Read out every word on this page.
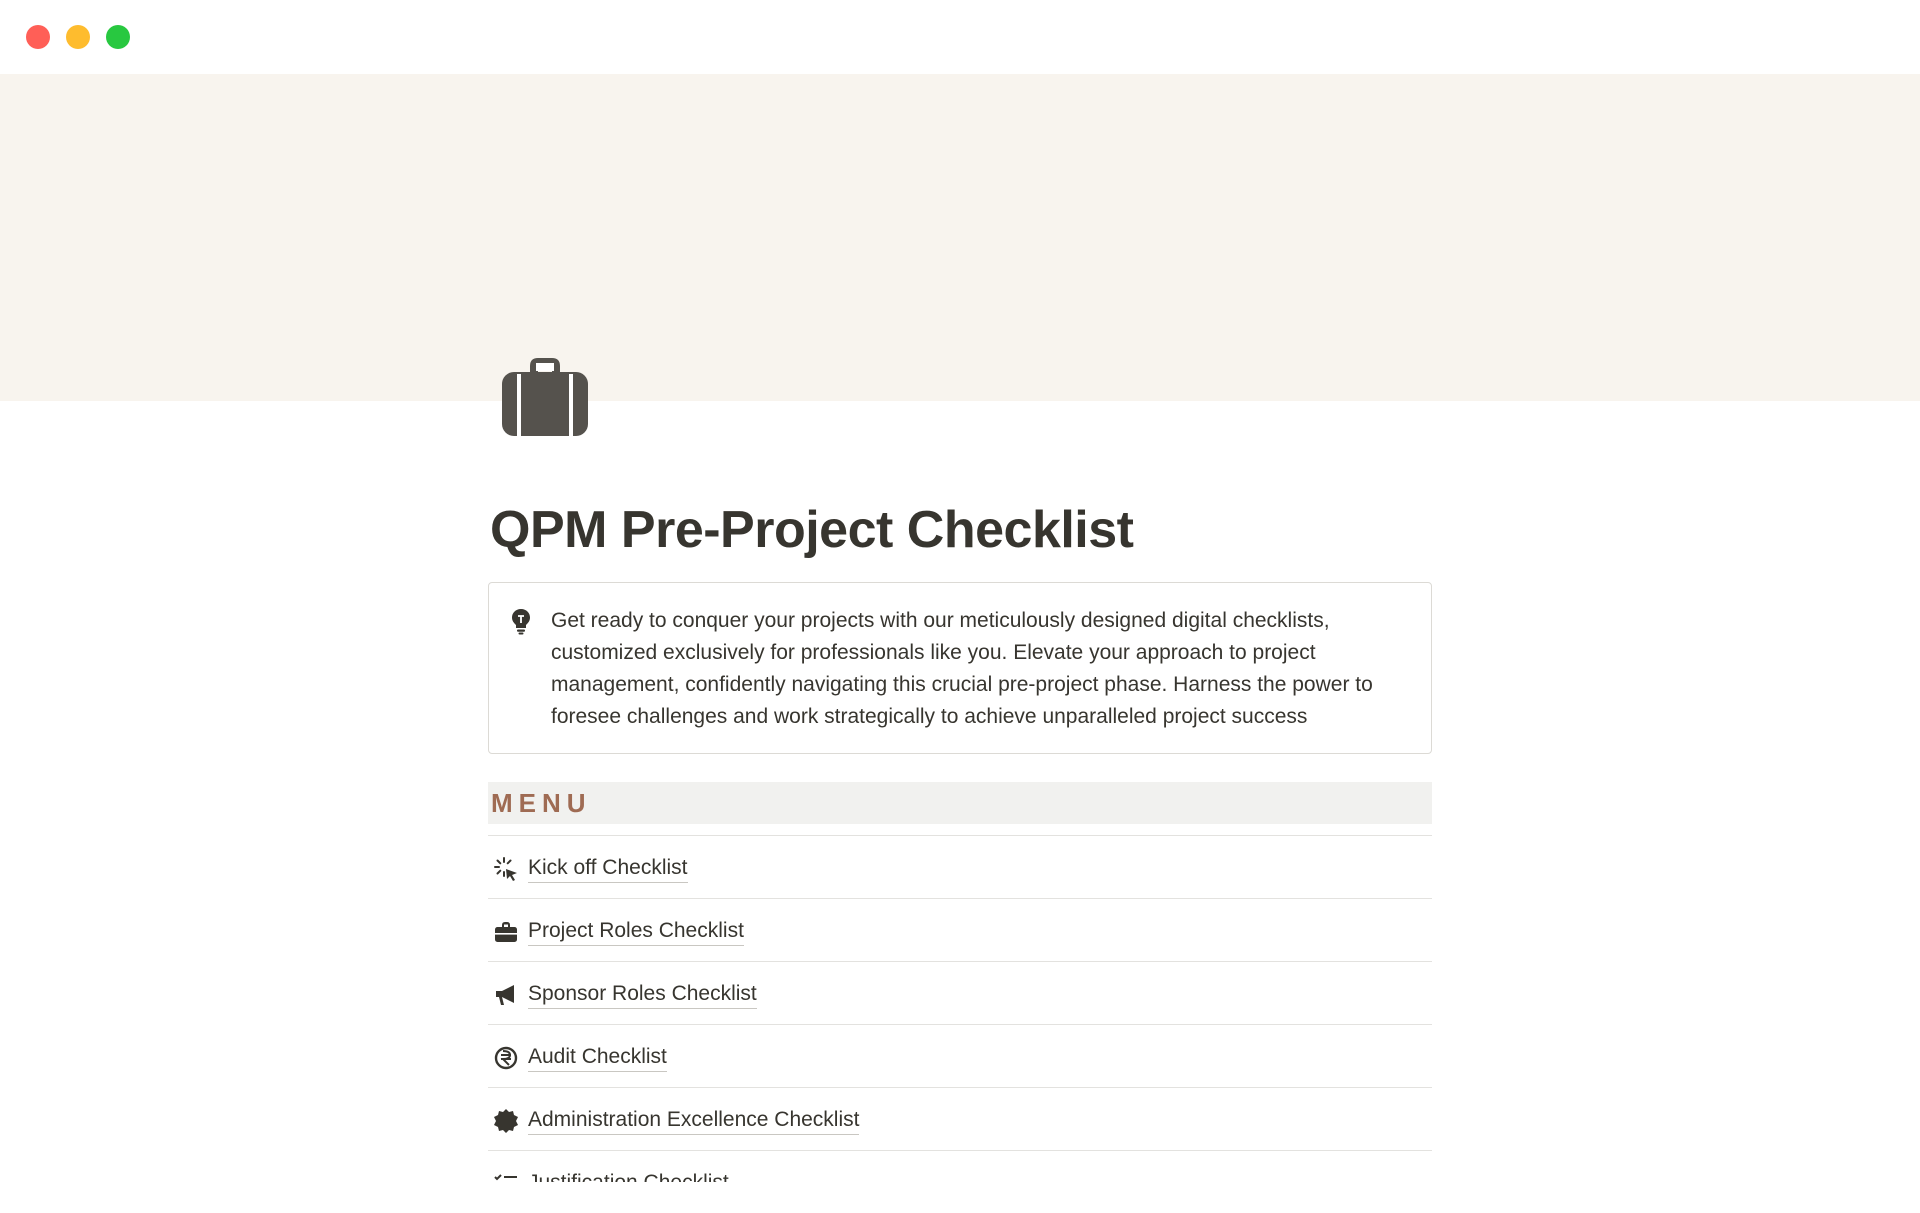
QPM Pre-Project Checklist
Get ready to conquer your projects with our meticulously designed digital checklists, customized exclusively for professionals like you. Elevate your approach to project management, confidently navigating this crucial pre-project phase. Harness the power to foresee challenges and work strategically to achieve unparalleled project success
MENU
Kick off Checklist
Project Roles Checklist
Sponsor Roles Checklist
Audit Checklist
Administration Excellence Checklist
